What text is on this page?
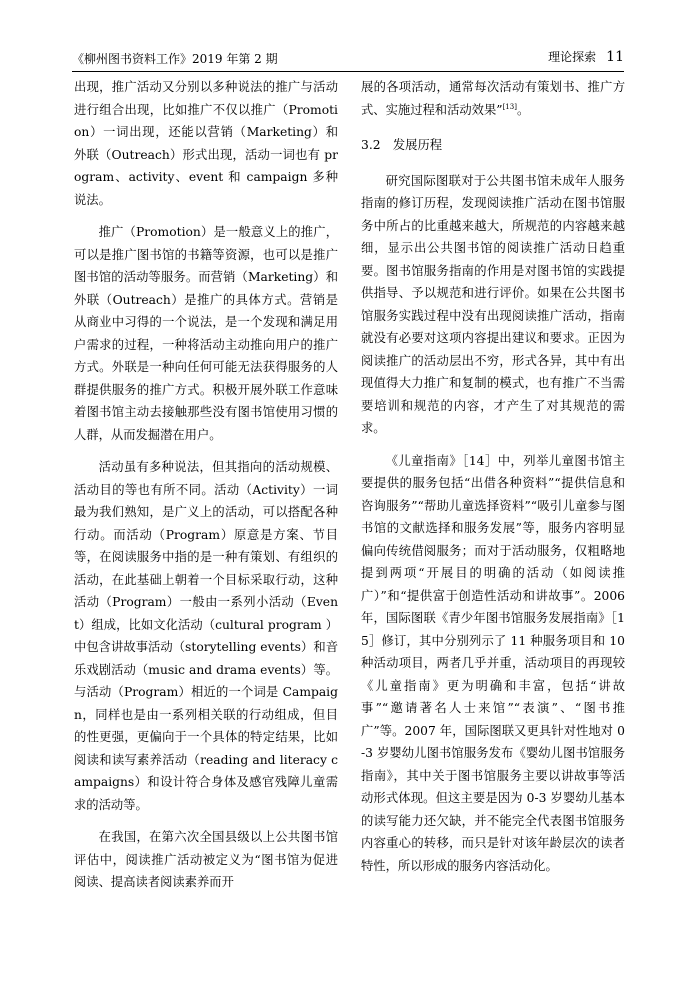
《柳州图书资料工作》2019 年第 2 期	理论探索 11

出现，推广活动又分别以多种说法的推广与活动进行组合出现，比如推广不仅以推广（Promotion）一词出现，还能以营销（Marketing）和外联（Outreach）形式出现，活动一词也有 program、activity、event 和 campaign 多种说法。

推广（Promotion）是一般意义上的推广，可以是推广图书馆的书籍等资源，也可以是推广图书馆的活动等服务。而营销（Marketing）和外联（Outreach）是推广的具体方式。营销是从商业中习得的一个说法，是一个发现和满足用户需求的过程，一种将活动主动推向用户的推广方式。外联是一种向任何可能无法获得服务的人群提供服务的推广方式。积极开展外联工作意味着图书馆主动去接触那些没有图书馆使用习惯的人群，从而发掘潜在用户。

活动虽有多种说法，但其指向的活动规模、活动目的等也有所不同。活动（Activity）一词最为我们熟知，是广义上的活动，可以搭配各种行动。而活动（Program）原意是方案、节目等，在阅读服务中指的是一种有策划、有组织的活动，在此基础上朝着一个目标采取行动，这种活动（Program）一般由一系列小活动（Event）组成，比如文化活动（cultural program ）中包含讲故事活动（storytelling events）和音乐戏剧活动（music and drama events）等。与活动（Program）相近的一个词是 Campaign，同样也是由一系列相关联的行动组成，但目的性更强，更偏向于一个具体的特定结果，比如阅读和读写素养活动（reading and literacy campaigns）和设计符合身体及感官残障儿童需求的活动等。

在我国，在第六次全国县级以上公共图书馆评估中，阅读推广活动被定义为“图书馆为促进阅读、提高读者阅读素养而开

展的各项活动，通常每次活动有策划书、推广方式、实施过程和活动效果”[13]。

3.2　发展历程

研究国际图联对于公共图书馆未成年人服务指南的修订历程，发现阅读推广活动在图书馆服务中所占的比重越来越大，所规范的内容越来越细，显示出公共图书馆的阅读推广活动日趋重要。图书馆服务指南的作用是对图书馆的实践提供指导、予以规范和进行评价。如果在公共图书馆服务实践过程中没有出现阅读推广活动，指南就没有必要对这项内容提出建议和要求。正因为阅读推广的活动层出不穷，形式各异，其中有出现值得大力推广和复制的模式，也有推广不当需要培训和规范的内容，才产生了对其规范的需求。

《儿童指南》［14］中，列举儿童图书馆主要提供的服务包括“出借各种资料”“提供信息和咨询服务”“帮助儿童选择资料”“吸引儿童参与图书馆的文献选择和服务发展”等，服务内容明显偏向传统借阅服务；而对于活动服务，仅粗略地提到两项“开展目的明确的活动（如阅读推广）”和“提供富于创造性活动和讲故事”。2006 年，国际图联《青少年图书馆服务发展指南》［15］修订，其中分别列示了 11 种服务项目和 10 种活动项目，两者几乎并重，活动项目的再现较《儿童指南》更为明确和丰富，包括“讲故事”“邀请著名人士来馆”“表演”、“图书推广”等。2007 年，国际图联又更具针对性地对 0-3 岁婴幼儿图书馆服务发布《婴幼儿图书馆服务指南》，其中关于图书馆服务主要以讲故事等活动形式体现。但这主要是因为 0-3 岁婴幼儿基本的读写能力还欠缺，并不能完全代表图书馆服务内容重心的转移，而只是针对该年龄层次的读者特性，所以形成的服务内容活动化。
